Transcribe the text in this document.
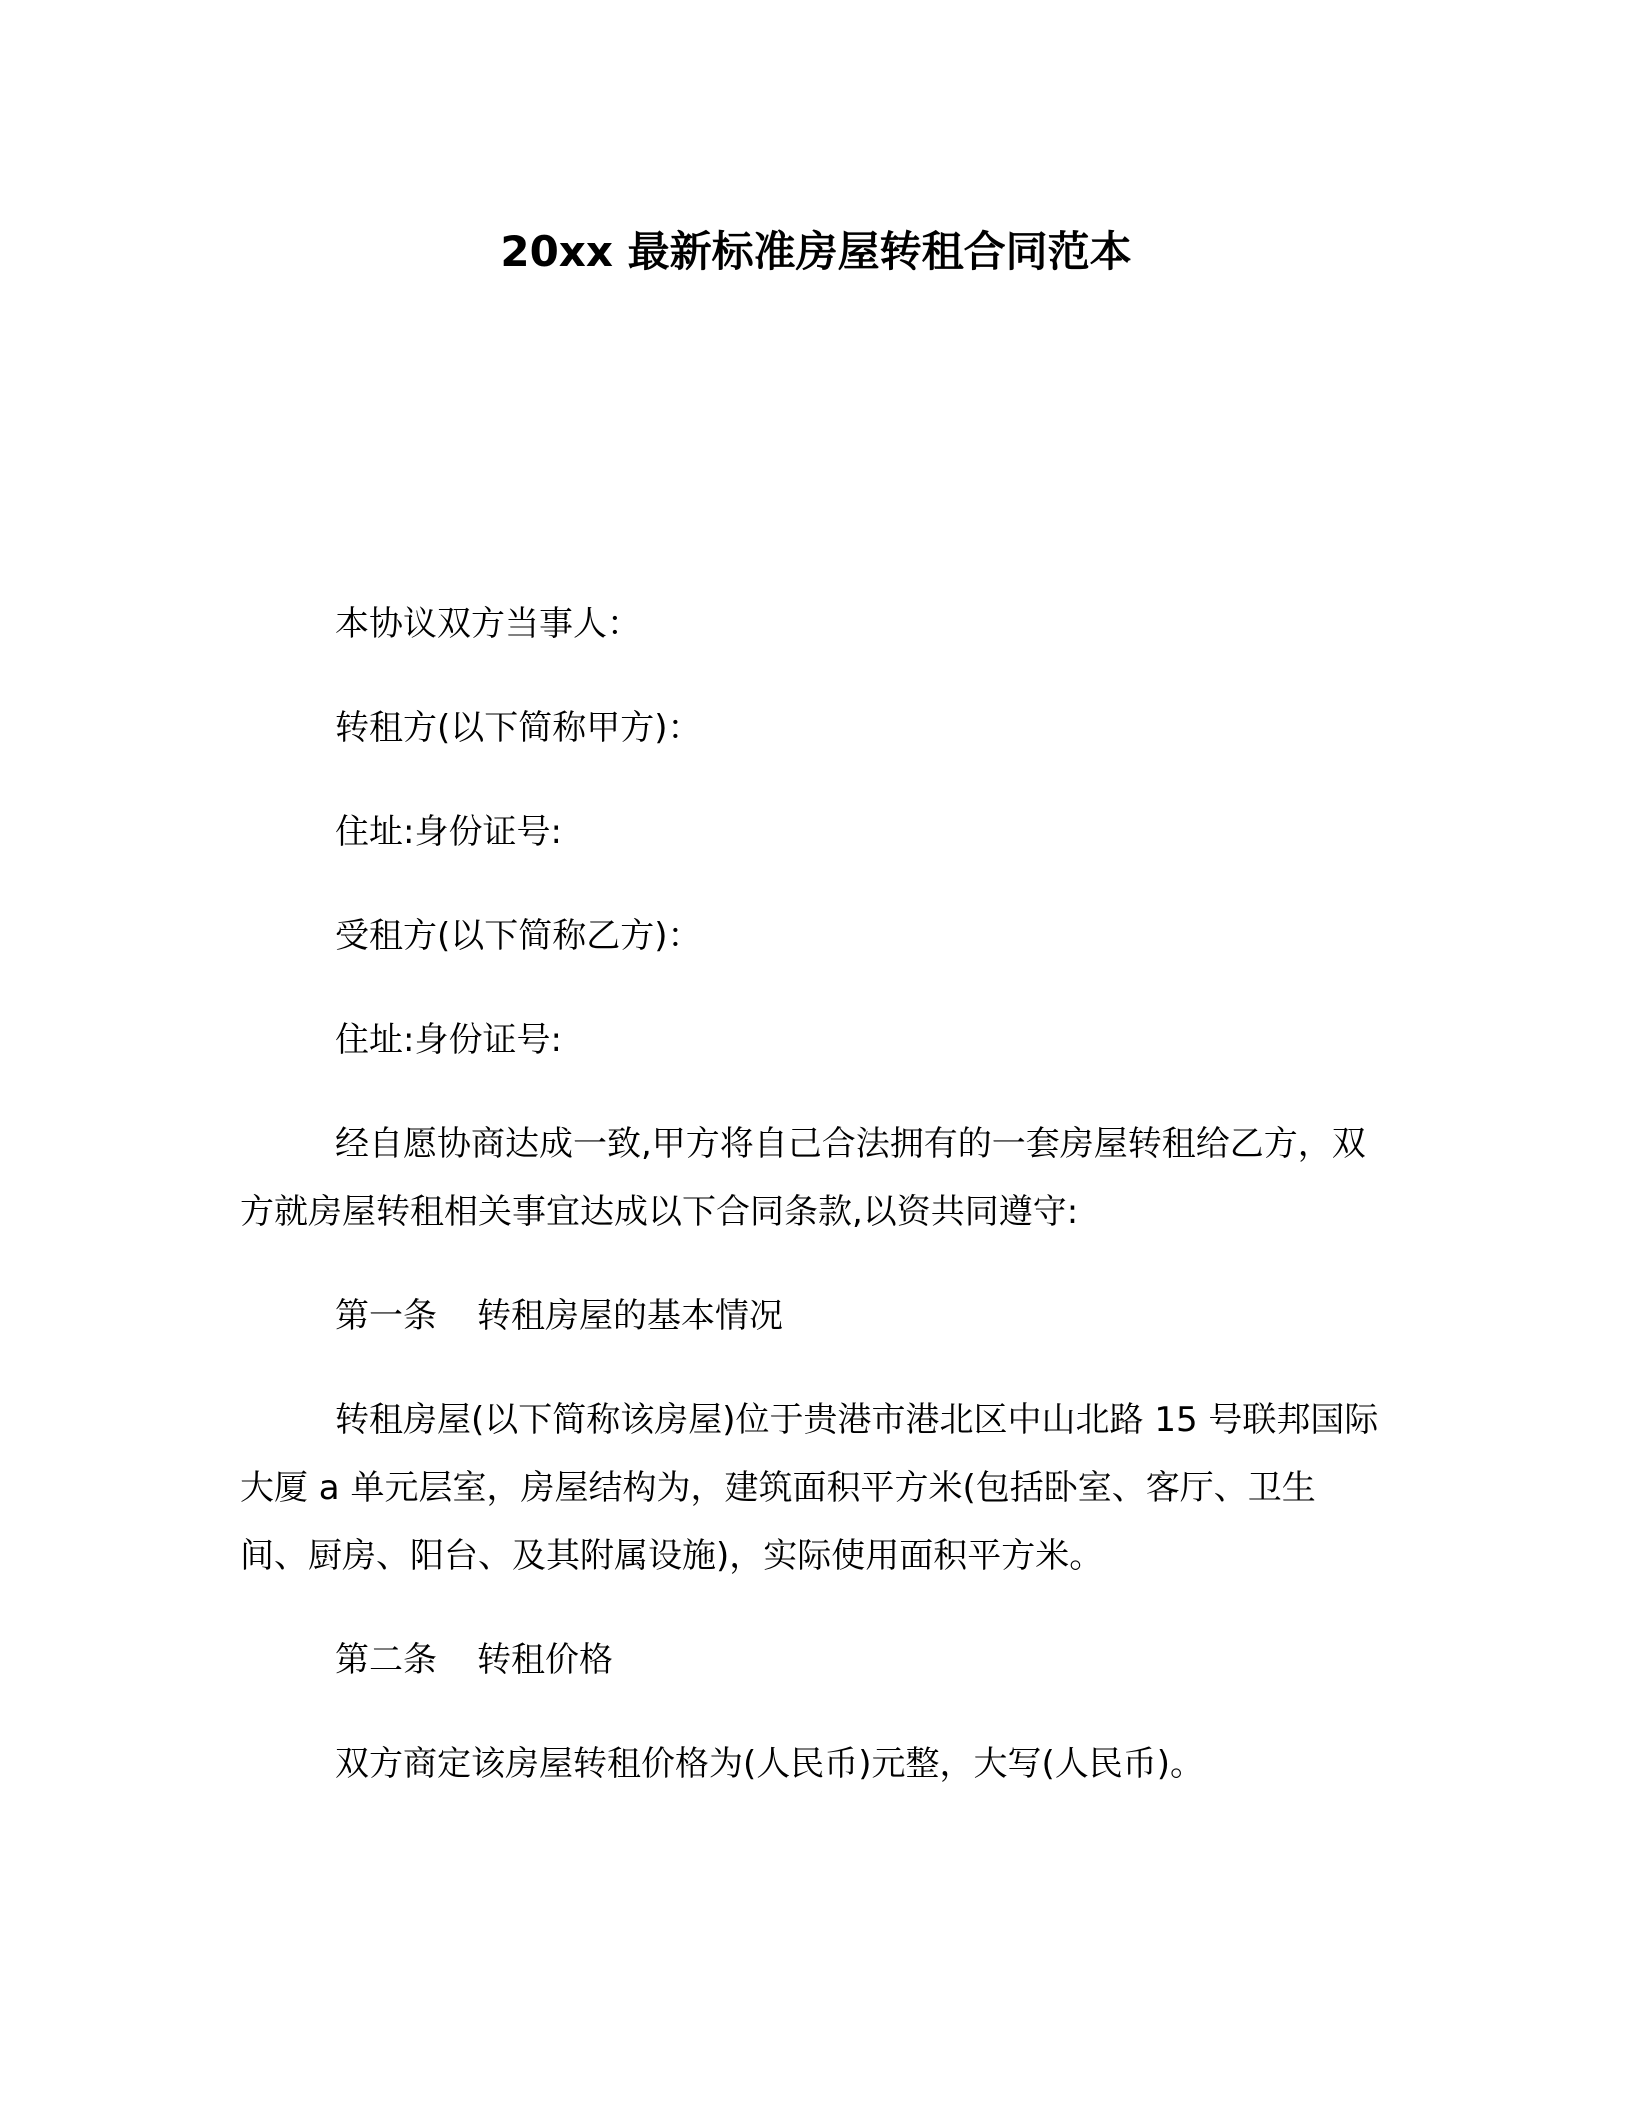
20xx 最新标准房屋转租合同范本

本协议双方当事人：

转租方(以下简称甲方)：

住址:身份证号:

受租方(以下简称乙方)：

住址:身份证号:

经自愿协商达成一致,甲方将自己合法拥有的一套房屋转租给乙方，双方就房屋转租相关事宜达成以下合同条款,以资共同遵守:

第一条 转租房屋的基本情况

转租房屋(以下简称该房屋)位于贵港市港北区中山北路 15 号联邦国际大厦 a 单元层室，房屋结构为，建筑面积平方米(包括卧室、客厅、卫生间、厨房、阳台、及其附属设施)，实际使用面积平方米。

第二条 转租价格

双方商定该房屋转租价格为(人民币)元整，大写(人民币)。
